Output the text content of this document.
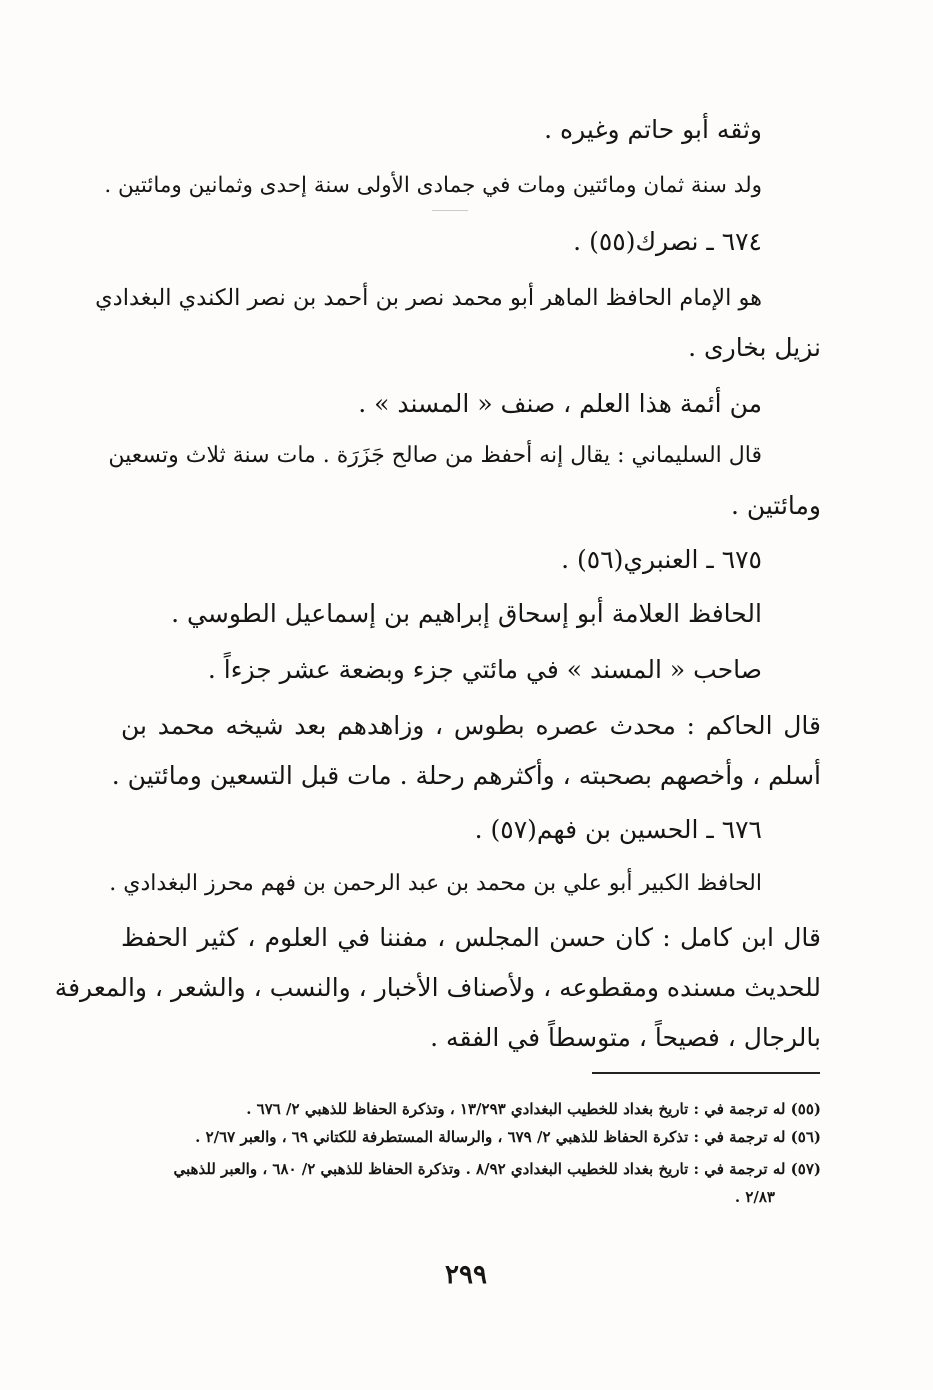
وثقه أبو حاتم وغيره .

ولد سنة ثمان ومائتين ومات في جمادى الأولى سنة إحدى وثمانين ومائتين .

٦٧٤ ـ نصرك(٥٥) .

هو الإمام الحافظ الماهر أبو محمد نصر بن أحمد بن نصر الكندي البغدادي

نزيل بخارى .

من أئمة هذا العلم ، صنف « المسند » .

قال السليماني : يقال إنه أحفظ من صالح جَزَرَة . مات سنة ثلاث وتسعين

ومائتين .

٦٧٥ ـ العنبري(٥٦) .

الحافظ العلامة أبو إسحاق إبراهيم بن إسماعيل الطوسي .

صاحب « المسند » في مائتي جزء وبضعة عشر جزءاً .

قال الحاكم : محدث عصره بطوس ، وزاهدهم بعد شيخه محمد بن

أسلم ، وأخصهم بصحبته ، وأكثرهم رحلة . مات قبل التسعين ومائتين .

٦٧٦ ـ الحسين بن فهم(٥٧) .

الحافظ الكبير أبو علي بن محمد بن عبد الرحمن بن فهم محرز البغدادي .

قال ابن كامل : كان حسن المجلس ، مفننا في العلوم ، كثير الحفظ

للحديث مسنده ومقطوعه ، ولأصناف الأخبار ، والنسب ، والشعر ، والمعرفة

بالرجال ، فصيحاً ، متوسطاً في الفقه .

(٥٥) له ترجمة في : تاريخ بغداد للخطيب البغدادي ١٣/٢٩٣ ، وتذكرة الحفاظ للذهبي ٢/ ٦٧٦ .

(٥٦) له ترجمة في : تذكرة الحفاظ للذهبي ٢/ ٦٧٩ ، والرسالة المستطرفة للكتاني ٦٩ ، والعبر ٢/٦٧ .

(٥٧) له ترجمة في : تاريخ بغداد للخطيب البغدادي ٨/٩٢ . وتذكرة الحفاظ للذهبي ٢/ ٦٨٠ ، والعبر للذهبي

٢/٨٣ .

٢٩٩
